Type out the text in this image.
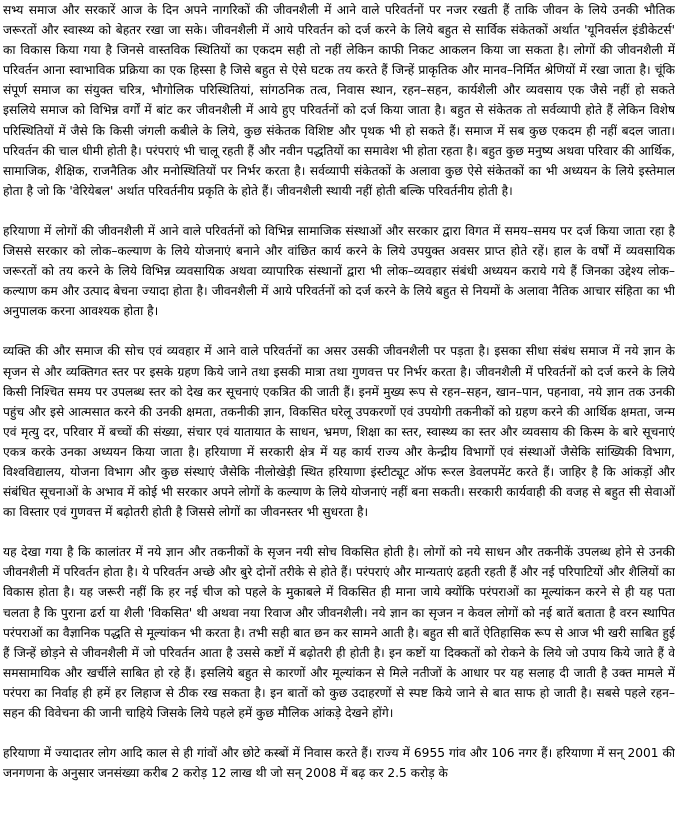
सभ्य समाज और सरकारें आज के दिन अपने नागरिकों की जीवनशैली में आने वाले परिवर्तनों पर नजर रखती हैं ताकि जीवन के लिये उनकी भौतिक जरूरतों और स्वास्थ्य को बेहतर रखा जा सके। जीवनशैली में आये परिवर्तन को दर्ज करने के लिये बहुत से सार्विक संकेतकों अर्थात 'यूनिवर्सल इंडीकेटर्स' का विकास किया गया है जिनसे वास्तविक स्थितियों का एकदम सही तो नहीं लेकिन काफी निकट आकलन किया जा सकता है। लोगों की जीवनशैली में परिवर्तन आना स्वाभाविक प्रक्रिया का एक हिस्सा है जिसे बहुत से ऐसे घटक तय करते हैं जिन्हें प्राकृतिक और मानव–निर्मित श्रेणियों में रखा जाता है। चूंकि संपूर्ण समाज का संयुक्त चरित्र, भौगोलिक परिस्थितियां, सांगठनिक तत्व, निवास स्थान, रहन–सहन, कार्यशैली और व्यवसाय एक जैसे नहीं हो सकते इसलिये समाज को विभिन्न वर्गों में बांट कर जीवनशैली में आये हुए परिवर्तनों को दर्ज किया जाता है। बहुत से संकेतक तो सर्वव्यापी होते हैं लेकिन विशेष परिस्थितियों में जैसे कि किसी जंगली कबीले के लिये, कुछ संकेतक विशिष्ट और पृथक भी हो सकते हैं। समाज में सब कुछ एकदम ही नहीं बदल जाता। परिवर्तन की चाल धीमी होती है। परंपराएं भी चालू रहती हैं और नवीन पद्धतियों का समावेश भी होता रहता है। बहुत कुछ मनुष्य अथवा परिवार की आर्थिक, सामाजिक, शैक्षिक, राजनैतिक और मनोस्थितियों पर निर्भर करता है। सर्वव्यापी संकेतकों के अलावा कुछ ऐसे संकेतकों का भी अध्ययन के लिये इस्तेमाल होता है जो कि 'वेरियेबल' अर्थात परिवर्तनीय प्रकृति के होते हैं। जीवनशैली स्थायी नहीं होती बल्कि परिवर्तनीय होती है।

हरियाणा में लोगों की जीवनशैली में आने वाले परिवर्तनों को विभिन्न सामाजिक संस्थाओं और सरकार द्वारा विगत में समय–समय पर दर्ज किया जाता रहा है जिससे सरकार को लोक–कल्याण के लिये योजनाएं बनाने और वांछित कार्य करने के लिये उपयुक्त अवसर प्राप्त होते रहें। हाल के वर्षों में व्यवसायिक जरूरतों को तय करने के लिये विभिन्न व्यवसायिक अथवा व्यापारिक संस्थानों द्वारा भी लोक–व्यवहार संबंधी अध्ययन कराये गये हैं जिनका उद्देश्य लोक–कल्याण कम और उत्पाद बेचना ज्यादा होता है। जीवनशैली में आये परिवर्तनों को दर्ज करने के लिये बहुत से नियमों के अलावा नैतिक आचार संहिता का भी अनुपालक करना आवश्यक होता है।

व्यक्ति की और समाज की सोच एवं व्यवहार में आने वाले परिवर्तनों का असर उसकी जीवनशैली पर पड़ता है। इसका सीधा संबंध समाज में नये ज्ञान के सृजन से और व्यक्तिगत स्तर पर इसके ग्रहण किये जाने तथा इसकी मात्रा तथा गुणवत्त पर निर्भर करता है। जीवनशैली में परिवर्तनों को दर्ज करने के लिये किसी निश्चित समय पर उपलब्ध स्तर को देख कर सूचनाएं एकत्रित की जाती हैं। इनमें मुख्य रूप से रहन–सहन, खान–पान, पहनावा, नये ज्ञान तक उनकी पहुंच और इसे आत्मसात करने की उनकी क्षमता, तकनीकी ज्ञान, विकसित घरेलू उपकरणों एवं उपयोगी तकनीकों को ग्रहण करने की आर्थिक क्षमता, जन्म एवं मृत्यु दर, परिवार में बच्चों की संख्या, संचार एवं यातायात के साधन, भ्रमण, शिक्षा का स्तर, स्वास्थ्य का स्तर और व्यवसाय की किस्म के बारे सूचनाएं एकत्र करके उनका अध्ययन किया जाता है। हरियाणा में सरकारी क्षेत्र में यह कार्य राज्य और केन्द्रीय विभागों एवं संस्थाओं जैसेकि सांख्यिकी विभाग, विश्वविद्यालय, योजना विभाग और कुछ संस्थाएं जैसेकि नीलोखेड़ी स्थित हरियाणा इंस्टीट्यूट ऑफ रूरल डेवलपमेंट करते हैं। जाहिर है कि आंकड़ों और संबंधित सूचनाओं के अभाव में कोई भी सरकार अपने लोगों के कल्याण के लिये योजनाएं नहीं बना सकती। सरकारी कार्यवाही की वजह से बहुत सी सेवाओं का विस्तार एवं गुणवत्त में बढ़ोतरी होती है जिससे लोगों का जीवनस्तर भी सुधरता है।

यह देखा गया है कि कालांतर में नये ज्ञान और तकनीकों के सृजन नयी सोच विकसित होती है। लोगों को नये साधन और तकनीकें उपलब्ध होने से उनकी जीवनशैली में परिवर्तन होता है। ये परिवर्तन अच्छे और बुरे दोनों तरीके से होते हैं। परंपराएं और मान्यताएं ढहती रहती हैं और नई परिपाटियों और शैलियों का विकास होता है। यह जरूरी नहीं कि हर नई चीज को पहले के मुकाबले में विकसित ही माना जाये क्योंकि परंपराओं का मूल्यांकन करने से ही यह पता चलता है कि पुराना ढर्रा या शैली 'विकसित' थी अथवा नया रिवाज और जीवनशैली। नये ज्ञान का सृजन न केवल लोगों को नई बातें बताता है वरन स्थापित परंपराओं का वैज्ञानिक पद्धति से मूल्यांकन भी करता है। तभी सही बात छन कर सामने आती है। बहुत सी बातें ऐतिहासिक रूप से आज भी खरी साबित हुई हैं जिन्हें छोड़ने से जीवनशैली में जो परिवर्तन आता है उससे कष्टों में बढ़ोतरी ही होती है। इन कष्टों या दिक्कतों को रोकने के लिये जो उपाय किये जाते हैं वे समसामायिक और खर्चीले साबित हो रहे हैं। इसलिये बहुत से कारणों और मूल्यांकन से मिले नतीजों के आधार पर यह सलाह दी जाती है उक्त मामले में परंपरा का निर्वाह ही हमें हर लिहाज से ठीक रख सकता है। इन बातों को कुछ उदाहरणों से स्पष्ट किये जाने से बात साफ हो जाती है। सबसे पहले रहन–सहन की विवेचना की जानी चाहिये जिसके लिये पहले हमें कुछ मौलिक आंकड़े देखने होंगे।

हरियाणा में ज्यादातर लोग आदि काल से ही गांवों और छोटे कस्बों में निवास करते हैं। राज्य में 6955 गांव और 106 नगर हैं। हरियाणा में सन् 2001 की जनगणना के अनुसार जनसंख्या करीब 2 करोड़ 12 लाख थी जो सन् 2008 में बढ़ कर 2.5 करोड़ के
